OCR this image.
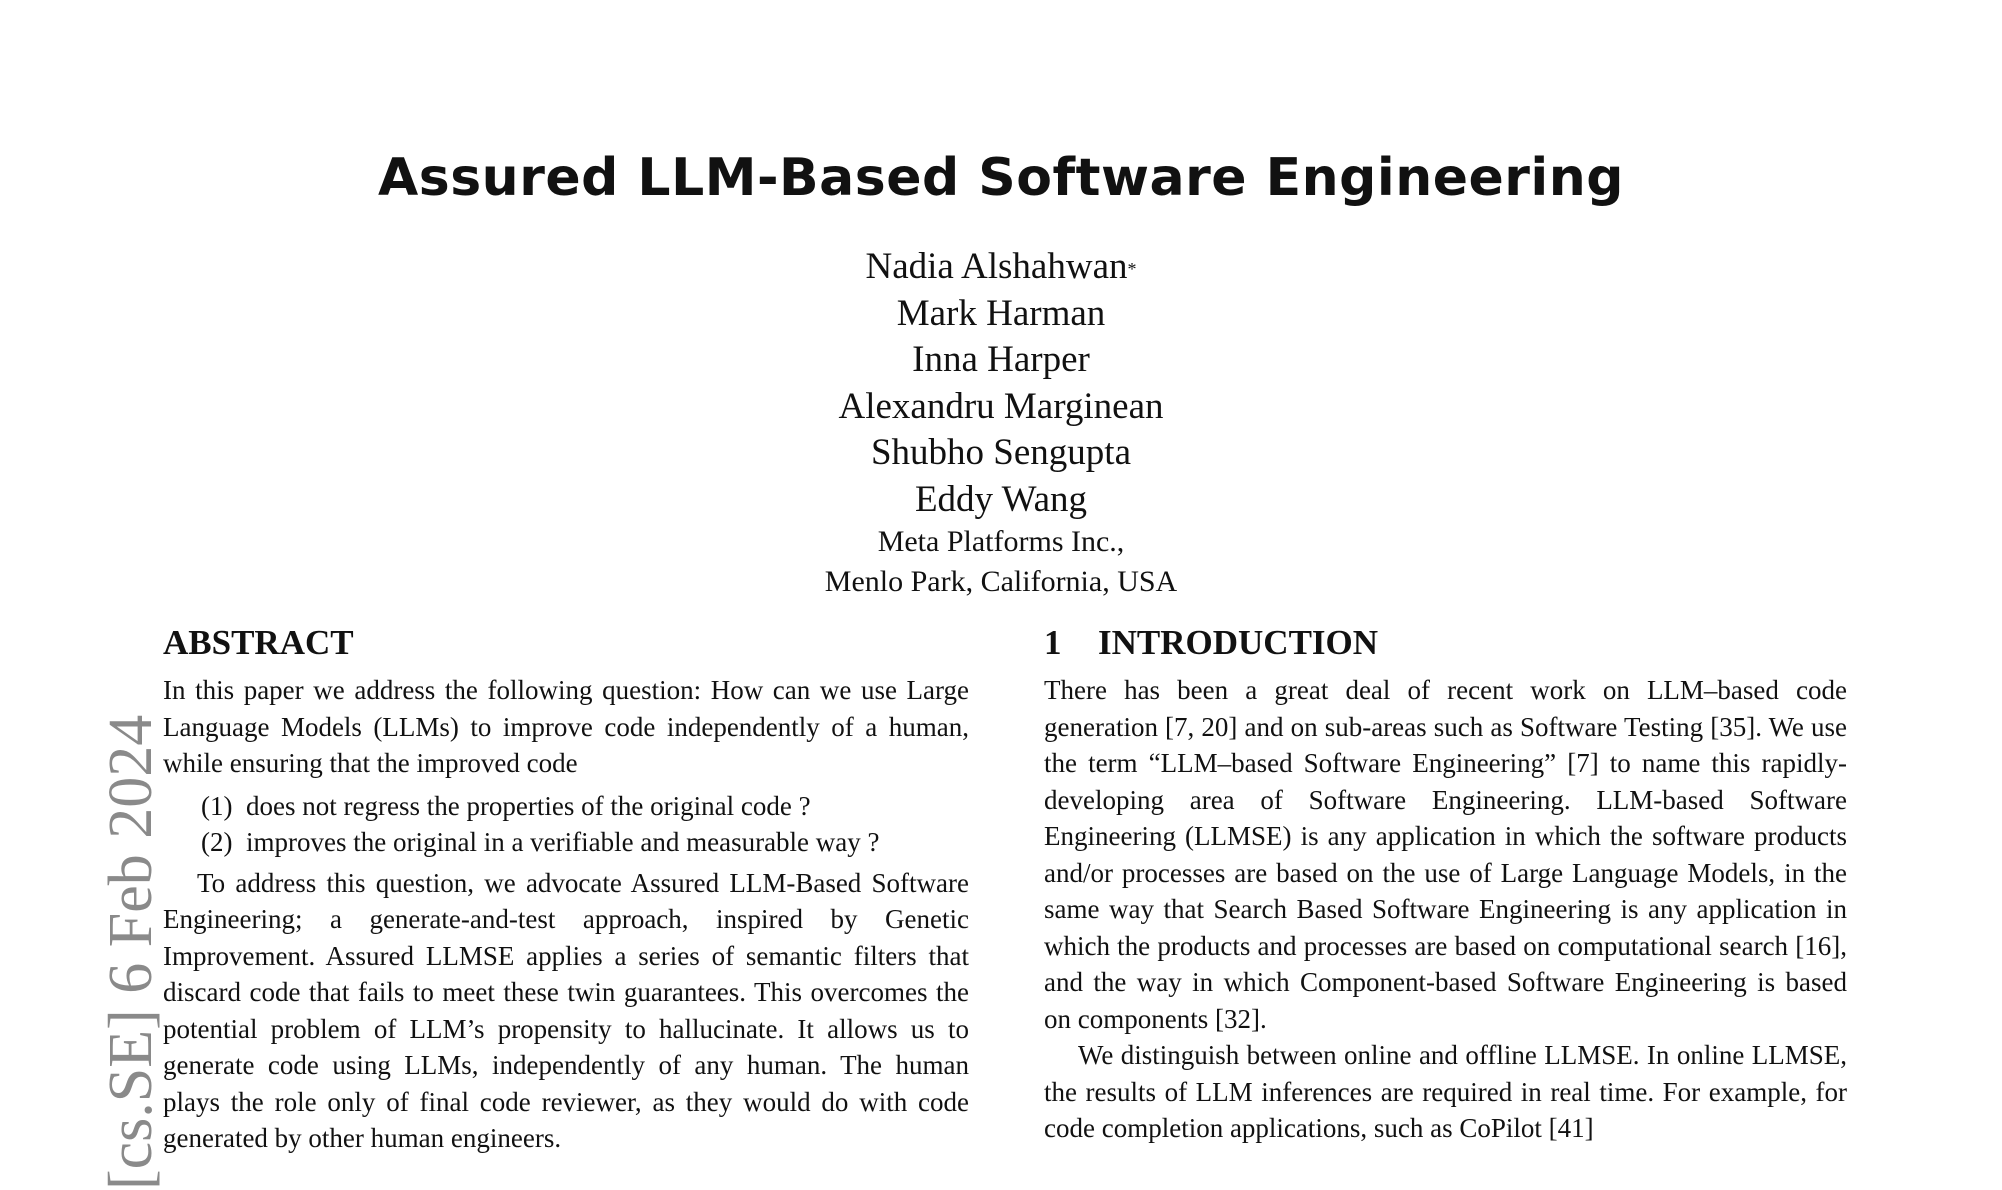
Assured LLM-Based Software Engineering
Nadia Alshahwan*
Mark Harman
Inna Harper
Alexandru Marginean
Shubho Sengupta
Eddy Wang
Meta Platforms Inc.,
Menlo Park, California, USA
[cs.SE] 6 Feb 2024
ABSTRACT

In this paper we address the following question: How can we use Large Language Models (LLMs) to improve code independently of a human, while ensuring that the improved code

(1) does not regress the properties of the original code ?
(2) improves the original in a verifiable and measurable way ?

To address this question, we advocate Assured LLM-Based Software Engineering; a generate-and-test approach, inspired by Genetic Improvement. Assured LLMSE applies a series of semantic filters that discard code that fails to meet these twin guarantees. This overcomes the potential problem of LLM’s propensity to hallucinate. It allows us to generate code using LLMs, independently of any human. The human plays the role only of final code reviewer, as they would do with code generated by other human engineers.

1 INTRODUCTION

There has been a great deal of recent work on LLM–based code generation [7, 20] and on sub-areas such as Software Testing [35]. We use the term “LLM–based Software Engineering” [7] to name this rapidly-developing area of Software Engineering. LLM-based Software Engineering (LLMSE) is any application in which the software products and/or processes are based on the use of Large Language Models, in the same way that Search Based Software Engineering is any application in which the products and processes are based on computational search [16], and the way in which Component-based Software Engineering is based on components [32].

We distinguish between online and offline LLMSE. In online LLMSE, the results of LLM inferences are required in real time. For example, for code completion applications, such as CoPilot [41]
